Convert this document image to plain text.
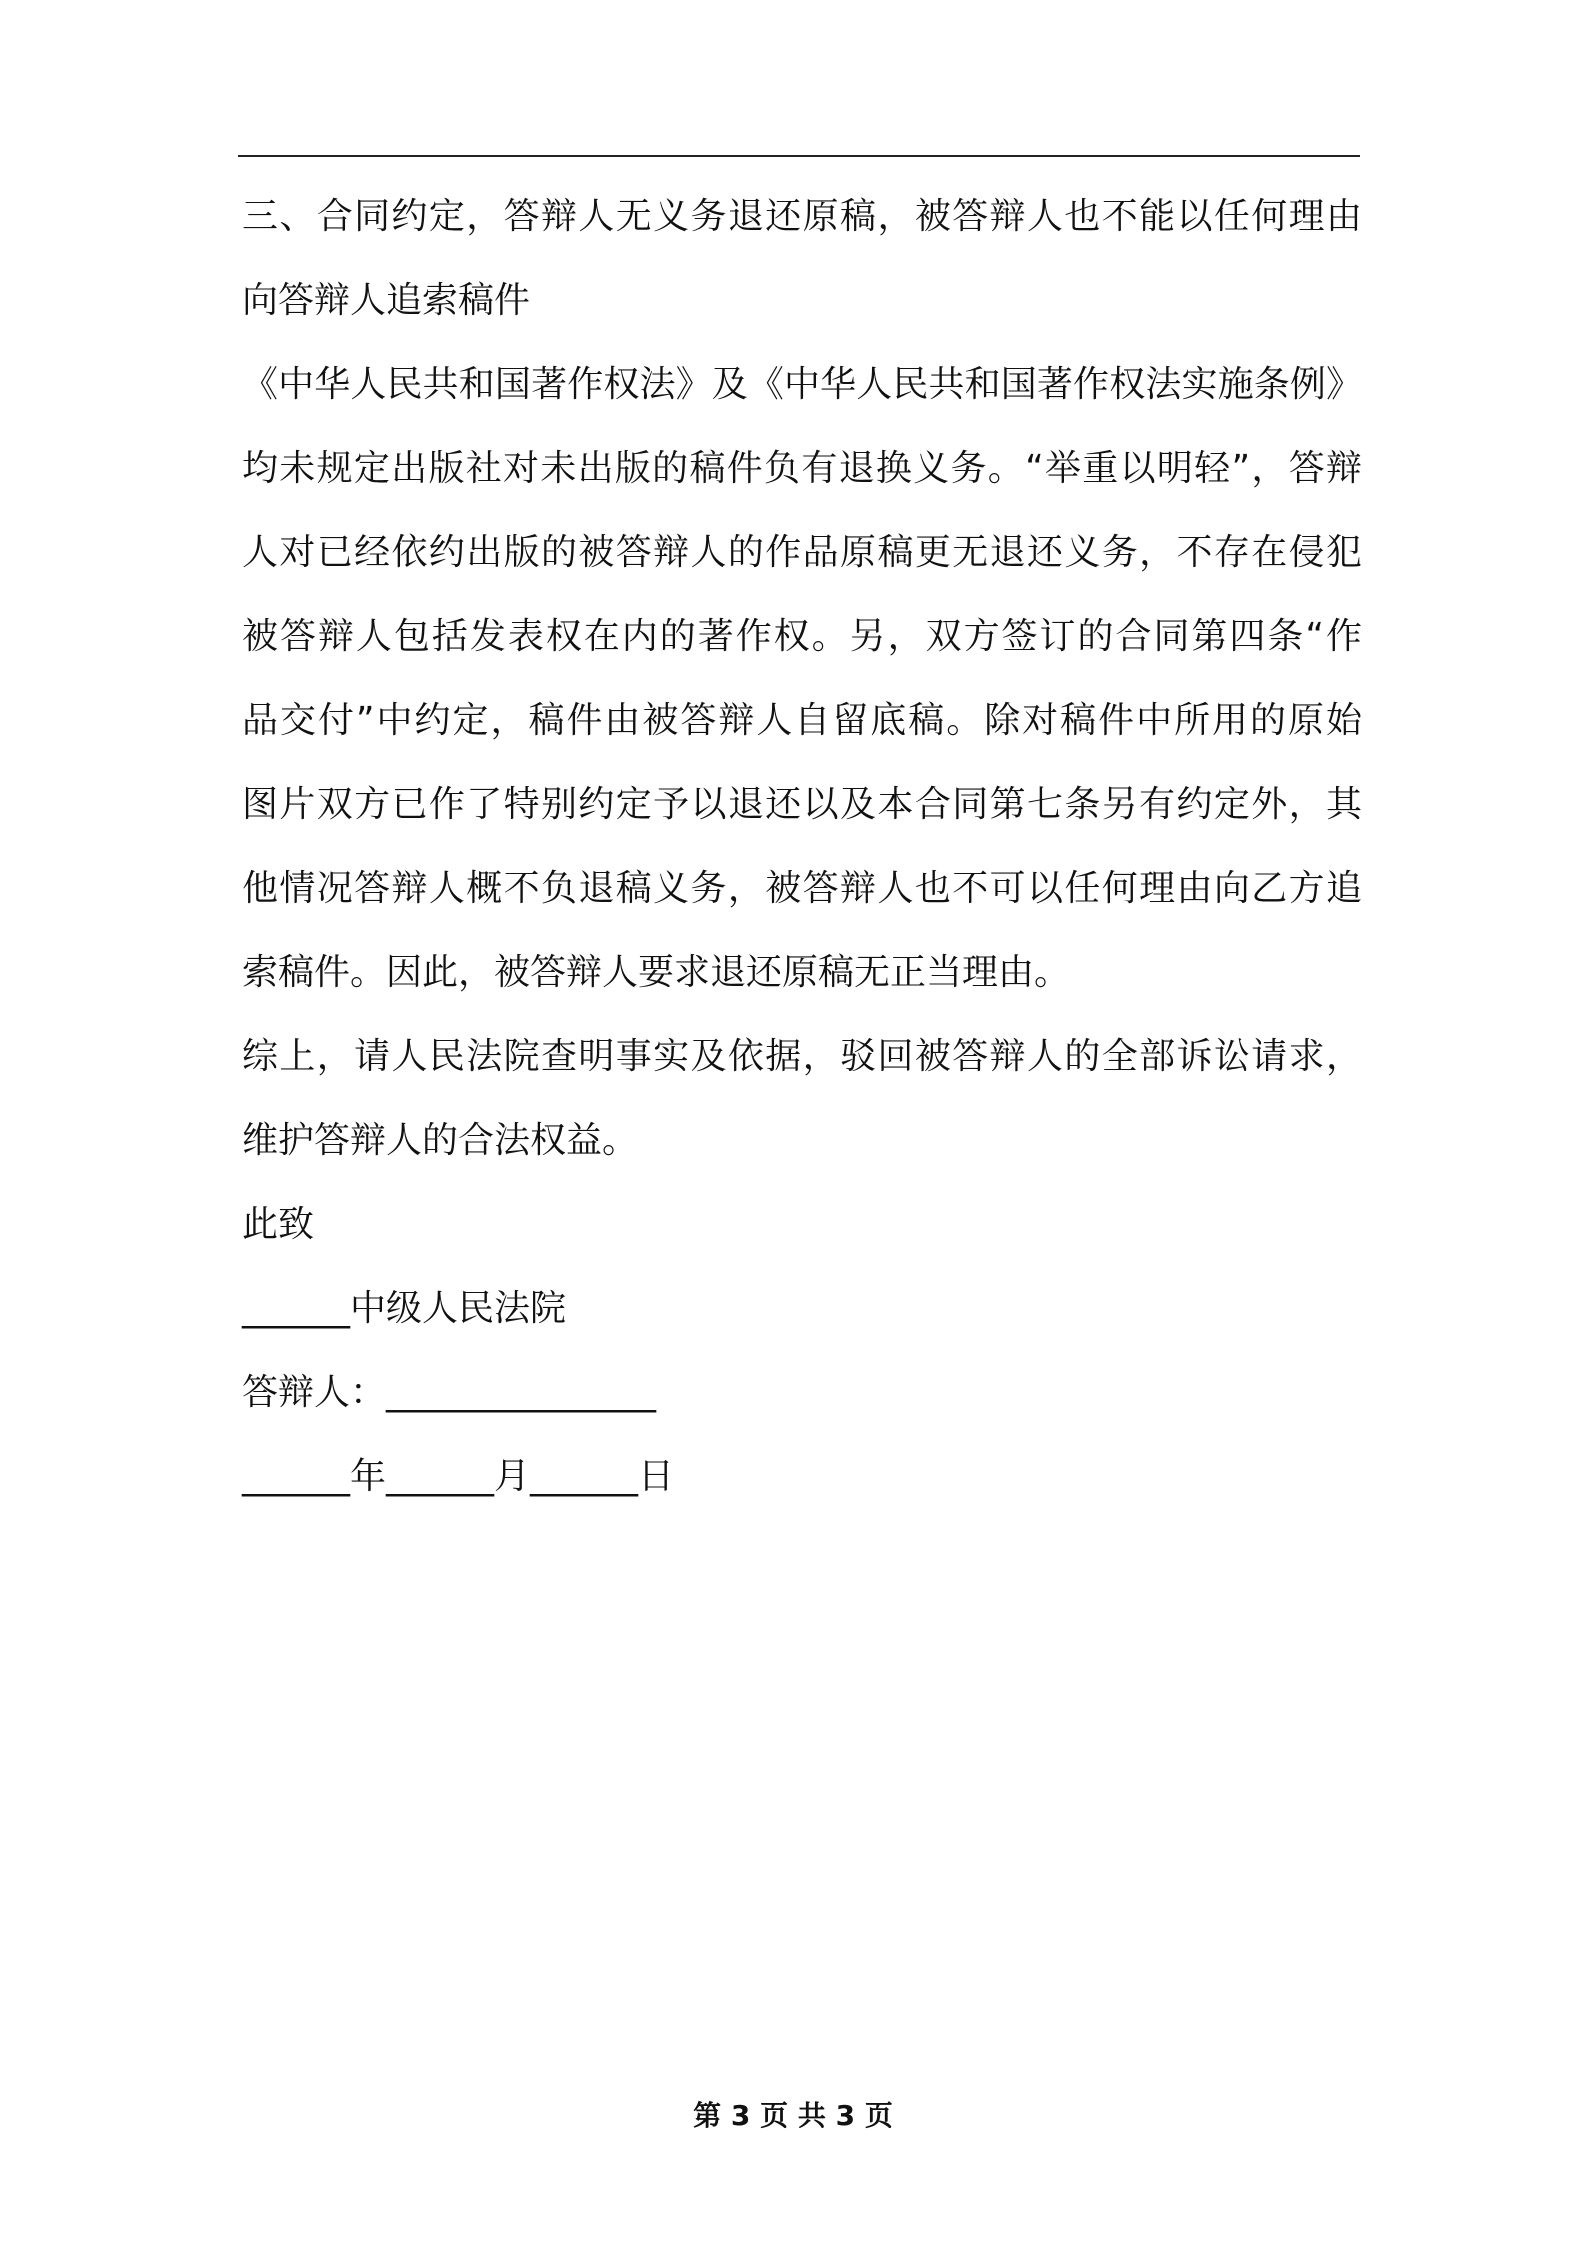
三、合同约定，答辩人无义务退还原稿，被答辩人也不能以任何理由
向答辩人追索稿件
《中华人民共和国著作权法》及《中华人民共和国著作权法实施条例》
均未规定出版社对未出版的稿件负有退换义务。“举重以明轻”，答辩
人对已经依约出版的被答辩人的作品原稿更无退还义务，不存在侵犯
被答辩人包括发表权在内的著作权。另，双方签订的合同第四条“作
品交付”中约定，稿件由被答辩人自留底稿。除对稿件中所用的原始
图片双方已作了特别约定予以退还以及本合同第七条另有约定外，其
他情况答辩人概不负退稿义务，被答辩人也不可以任何理由向乙方追
索稿件。因此，被答辩人要求退还原稿无正当理由。
综上，请人民法院查明事实及依据，驳回被答辩人的全部诉讼请求，
维护答辩人的合法权益。
此致
______中级人民法院
答辩人：_______________
______年______月______日
第 3 页 共 3 页
